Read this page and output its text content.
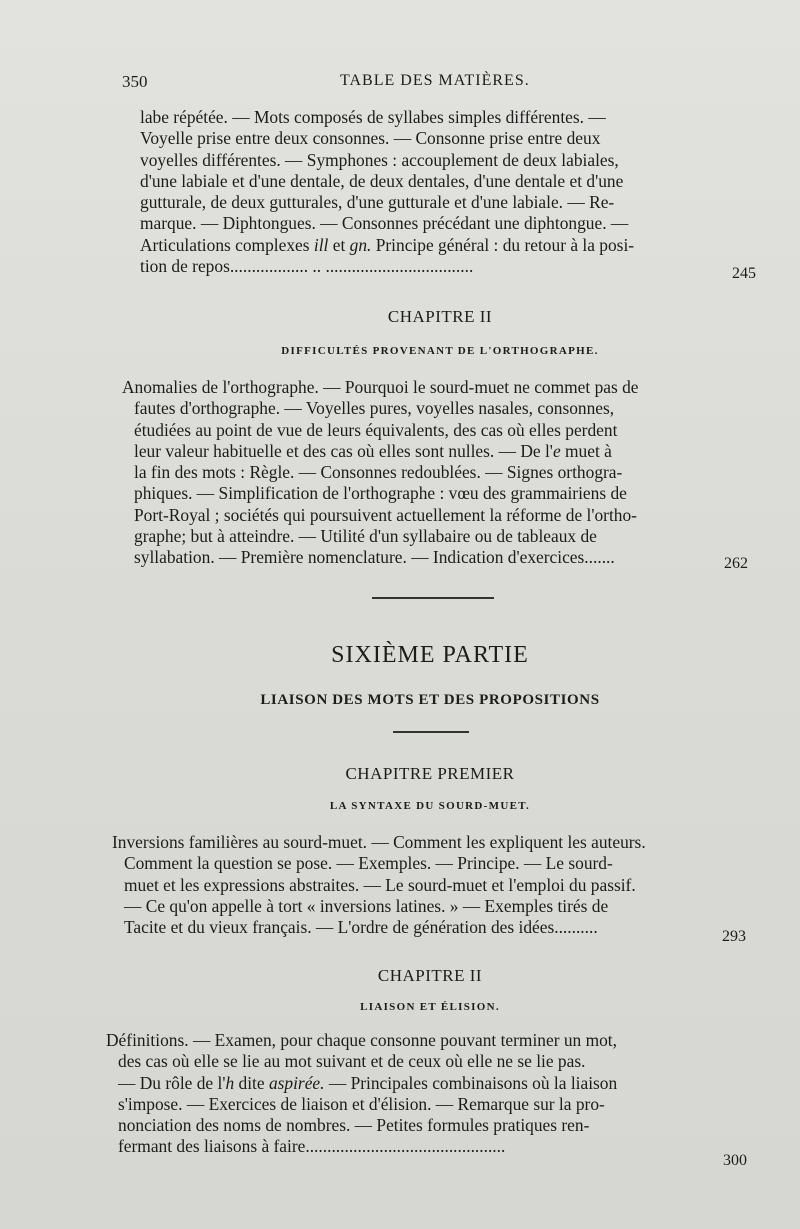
350	TABLE DES MATIÈRES.
labe répétée. — Mots composés de syllabes simples différentes. —
Voyelle prise entre deux consonnes. — Consonne prise entre deux
voyelles différentes. — Symphones : accouplement de deux labiales,
d'une labiale et d'une dentale, de deux dentales, d'une dentale et d'une
gutturale, de deux gutturales, d'une gutturale et d'une labiale. — Re-
marque. — Diphtongues. — Consonnes précédant une diphtongue. —
Articulations complexes ill et gn. Principe général : du retour à la posi-
tion de repos.................. .. ..................................	245
CHAPITRE II
DIFFICULTÉS PROVENANT DE L'ORTHOGRAPHE.
Anomalies de l'orthographe. — Pourquoi le sourd-muet ne commet pas de
fautes d'orthographe. — Voyelles pures, voyelles nasales, consonnes,
étudiées au point de vue de leurs équivalents, des cas où elles perdent
leur valeur habituelle et des cas où elles sont nulles. — De l'e muet à
la fin des mots : Règle. — Consonnes redoublées. — Signes orthogra-
phiques. — Simplification de l'orthographe : vœu des grammairiens de
Port-Royal ; sociétés qui poursuivent actuellement la réforme de l'ortho-
graphe; but à atteindre. — Utilité d'un syllabaire ou de tableaux de
syllabation. — Première nomenclature. — Indication d'exercices.......	262
SIXIÈME PARTIE
LIAISON DES MOTS ET DES PROPOSITIONS
CHAPITRE PREMIER
LA SYNTAXE DU SOURD-MUET.
Inversions familières au sourd-muet. — Comment les expliquent les auteurs.
Comment la question se pose. — Exemples. — Principe. — Le sourd-
muet et les expressions abstraites. — Le sourd-muet et l'emploi du passif.
— Ce qu'on appelle à tort « inversions latines. » — Exemples tirés de
Tacite et du vieux français. — L'ordre de génération des idées..........	293
CHAPITRE II
LIAISON ET ÉLISION.
Définitions. — Examen, pour chaque consonne pouvant terminer un mot,
des cas où elle se lie au mot suivant et de ceux où elle ne se lie pas.
— Du rôle de l'h dite aspirée. — Principales combinaisons où la liaison
s'impose. — Exercices de liaison et d'élision. — Remarque sur la pro-
nonciation des noms de nombres. — Petites formules pratiques ren-
fermant des liaisons à faire..............................................
300
